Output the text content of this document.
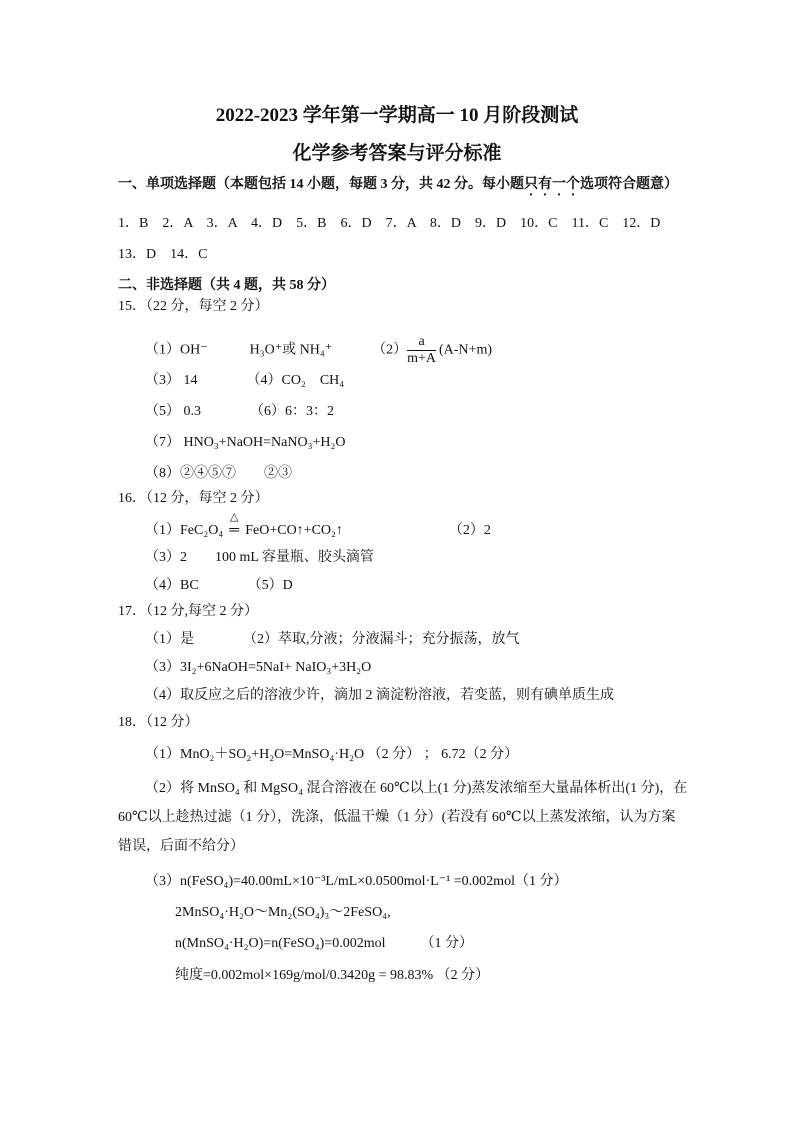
2022-2023 学年第一学期高一 10 月阶段测试
化学参考答案与评分标准
一、单项选择题（本题包括 14 小题，每题 3 分，共 42 分。每小题只有一个选项符合题意）
1．B　2．A　3．A　4．D　5．B　6．D　7．A　8．D　9．D　10．C　11．C　12．D
13．D　14．C
二、非选择题（共 4 题，共 58 分）
15．（22 分，每空 2 分）
（1）OH⁻　　　H₃O⁺或 NH₄⁺	$(2) \frac{a}{m+A} (A-N+m)$
（3） 14　　　　（4）CO₂　CH₄
（5） 0.3　　　　（6）6：3：2
（7） HNO₃+NaOH=NaNO₃+H₂O
（8）②④⑤⑦　　②③
16．（12 分，每空 2 分）
（1）FeC₂O₄
△
═ FeO+CO↑+CO₂↑	（2）2
（3）2　　100 mL 容量瓶、胶头滴管
（4）BC　　　　（5）D
17．（12 分,每空 2 分）
（1）是　　　　（2）萃取,分液；分液漏斗；充分振荡，放气
（3）3I₂+6NaOH=5NaI+ NaIO₃+3H₂O
（4）取反应之后的溶液少许，滴加 2 滴淀粉溶液，若变蓝，则有碘单质生成
18．（12 分）
（1）MnO₂＋SO₂+H₂O=MnSO₄·H₂O （2 分） ； 6.72（2 分）
（2）将 MnSO₄ 和 MgSO₄ 混合溶液在 60℃以上(1 分)蒸发浓缩至大量晶体析出(1 分)，在
60℃以上趁热过滤（1 分），洗涤，低温干燥（1 分）(若没有 60℃以上蒸发浓缩，认为方案
错误，后面不给分）
（3）n(FeSO₄)=40.00mL×10⁻³L/mL×0.0500mol·L⁻¹ =0.002mol（1 分）
2MnSO₄·H₂O～Mn₂(SO₄)₃～2FeSO₄,
n(MnSO₄·H₂O)=n(FeSO₄)=0.002mol　　　（1 分）
纯度=0.002mol×169g/mol/0.3420g = 98.83% （2 分）
